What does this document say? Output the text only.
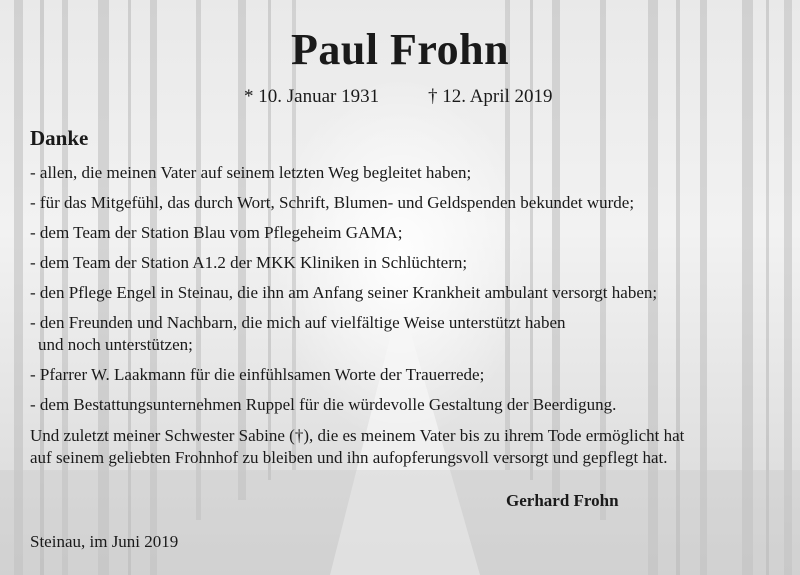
Paul Frohn
* 10. Januar 1931	† 12. April 2019
Danke
- allen, die meinen Vater auf seinem letzten Weg begleitet haben;
- für das Mitgefühl, das durch Wort, Schrift, Blumen- und Geldspenden bekundet wurde;
- dem Team der Station Blau vom Pflegeheim GAMA;
- dem Team der Station A1.2 der MKK Kliniken in Schlüchtern;
- den Pflege Engel in Steinau, die ihn am Anfang seiner Krankheit ambulant versorgt haben;
- den Freunden und Nachbarn, die mich auf vielfältige Weise unterstützt haben
und noch unterstützen;
- Pfarrer W. Laakmann für die einfühlsamen Worte der Trauerrede;
- dem Bestattungsunternehmen Ruppel für die würdevolle Gestaltung der Beerdigung.
Und zuletzt meiner Schwester Sabine (†), die es meinem Vater bis zu ihrem Tode ermöglicht hat
auf seinem geliebten Frohnhof zu bleiben und ihn aufopferungsvoll versorgt und gepflegt hat.
Gerhard Frohn
Steinau, im Juni 2019
